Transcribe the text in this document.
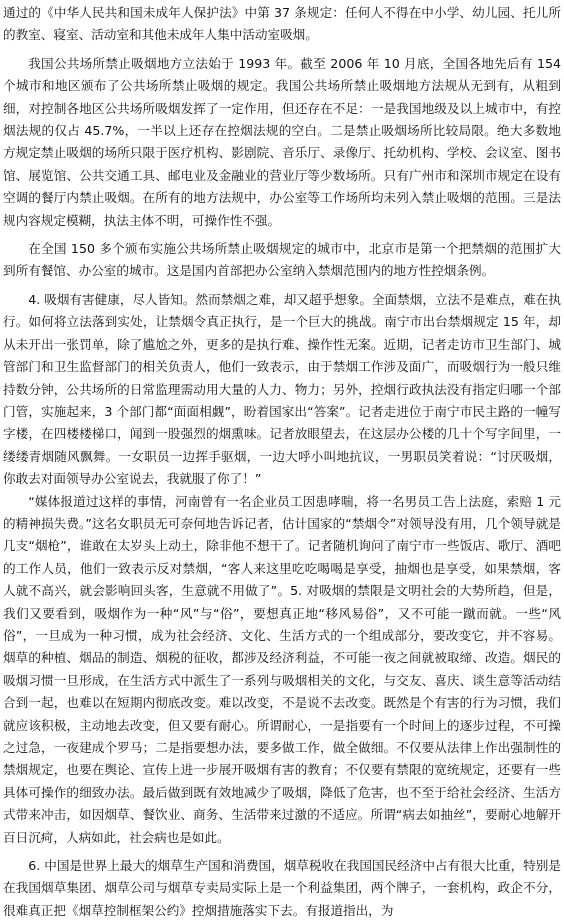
通过的《中华人民共和国未成年人保护法》中第 37 条规定：任何人不得在中小学、幼儿园、托儿所的教室、寝室、活动室和其他未成年人集中活动室吸烟。

我国公共场所禁止吸烟地方立法始于 1993 年。截至 2006 年 10 月底，全国各地先后有 154 个城市和地区颁布了公共场所禁止吸烟的规定。我国公共场所禁止吸烟地方法规从无到有，从粗到细，对控制各地区公共场所吸烟发挥了一定作用，但还存在不足：一是我国地级及以上城市中，有控烟法规的仅占 45.7%，一半以上还存在控烟法规的空白。二是禁止吸烟场所比较局限。绝大多数地方规定禁止吸烟的场所只限于医疗机构、影剧院、音乐厅、录像厅、托幼机构、学校、会议室、图书馆、展览馆、公共交通工具、邮电业及金融业的营业厅等少数场所。只有广州市和深圳市规定在设有空调的餐厅内禁止吸烟。在所有的地方法规中，办公室等工作场所均未列入禁止吸烟的范围。三是法规内容规定模糊，执法主体不明，可操作性不强。

在全国 150 多个颁布实施公共场所禁止吸烟规定的城市中，北京市是第一个把禁烟的范围扩大到所有餐馆、办公室的城市。这是国内首部把办公室纳入禁烟范围内的地方性控烟条例。

4. 吸烟有害健康，尽人皆知。然而禁烟之难，却又超乎想象。全面禁烟，立法不是难点，难在执行。如何将立法落到实处，让禁烟令真正执行，是一个巨大的挑战。南宁市出台禁烟规定 15 年，却从未开出一张罚单，除了尴尬之外，更多的是执行难、操作性无案。近期，记者走访市卫生部门、城管部门和卫生监督部门的相关负责人，他们一致表示，由于禁烟工作涉及面广，而吸烟行为一般只维持数分钟，公共场所的日常监理需动用大量的人力、物力；另外，控烟行政执法没有指定归哪一个部门管，实施起来，3 个部门都“面面相觑”，盼着国家出“答案”。记者走进位于南宁市民主路的一幢写字楼，在四楼楼梯口，闻到一股强烈的烟熏味。记者放眼望去，在这层办公楼的几十个写字间里，一缕缕青烟随风飘舞。一女职员一边挥手驱烟，一边大呼小叫地抗议，一男职员笑着说：“讨厌吸烟，你敢去对面领导办公室说去，我就服了你了！”

“媒体报道过这样的事情，河南曾有一名企业员工因患哮喘，将一名男员工告上法庭，索赔 1 元的精神损失费。”这名女职员无可奈何地告诉记者，估计国家的“禁烟令”对领导没有用，几个领导就是几支“烟枪”，谁敢在太岁头上动土，除非他不想干了。记者随机询问了南宁市一些饭店、歌厅、酒吧的工作人员，他们一致表示反对禁烟，“客人来这里吃吃喝喝是享受，抽烟也是享受，如果禁烟，客人就不高兴，就会影响回头客，生意就不用做了”。5. 对吸烟的禁限是文明社会的大势所趋，但是，我们又要看到，吸烟作为一种“风”与“俗”，要想真正地“移风易俗”，又不可能一蹴而就。一些“风俗”，一旦成为一种习惯，成为社会经济、文化、生活方式的一个组成部分，要改变它，并不容易。烟草的种植、烟品的制造、烟税的征收，都涉及经济利益，不可能一夜之间就被取缔、改造。烟民的吸烟习惯一旦形成，在生活方式中派生了一系列与吸烟相关的文化，与交友、喜庆、谈生意等活动结合到一起，也难以在短期内彻底改变。难以改变，不是说不去改变。既然是个有害的行为习惯，我们就应该积极，主动地去改变，但又要有耐心。所谓耐心，一是指要有一个时间上的逐步过程，不可操之过急，一夜建成个罗马；二是指要想办法，要多做工作，做全做细。不仅要从法律上作出强制性的禁烟规定，也要在舆论、宣传上进一步展开吸烟有害的教育；不仅要有禁限的宽统规定，还要有一些具体可操作的细致办法。最后做到既有效地减少了吸烟，降低了危害，也不至于给社会经济、生活方式带来冲击，如因烟草、餐饮业、商务、生活带来过激的不适应。所谓“病去如抽丝”，要耐心地解开百日沉疴，人病如此，社会病也是如此。

6. 中国是世界上最大的烟草生产国和消费国，烟草税收在我国国民经济中占有很大比重，特别是在我国烟草集团、烟草公司与烟草专卖局实际上是一个利益集团，两个牌子，一套机构，政企不分，很难真正把《烟草控制框架公约》控烟措施落实下去。有报道指出，为
